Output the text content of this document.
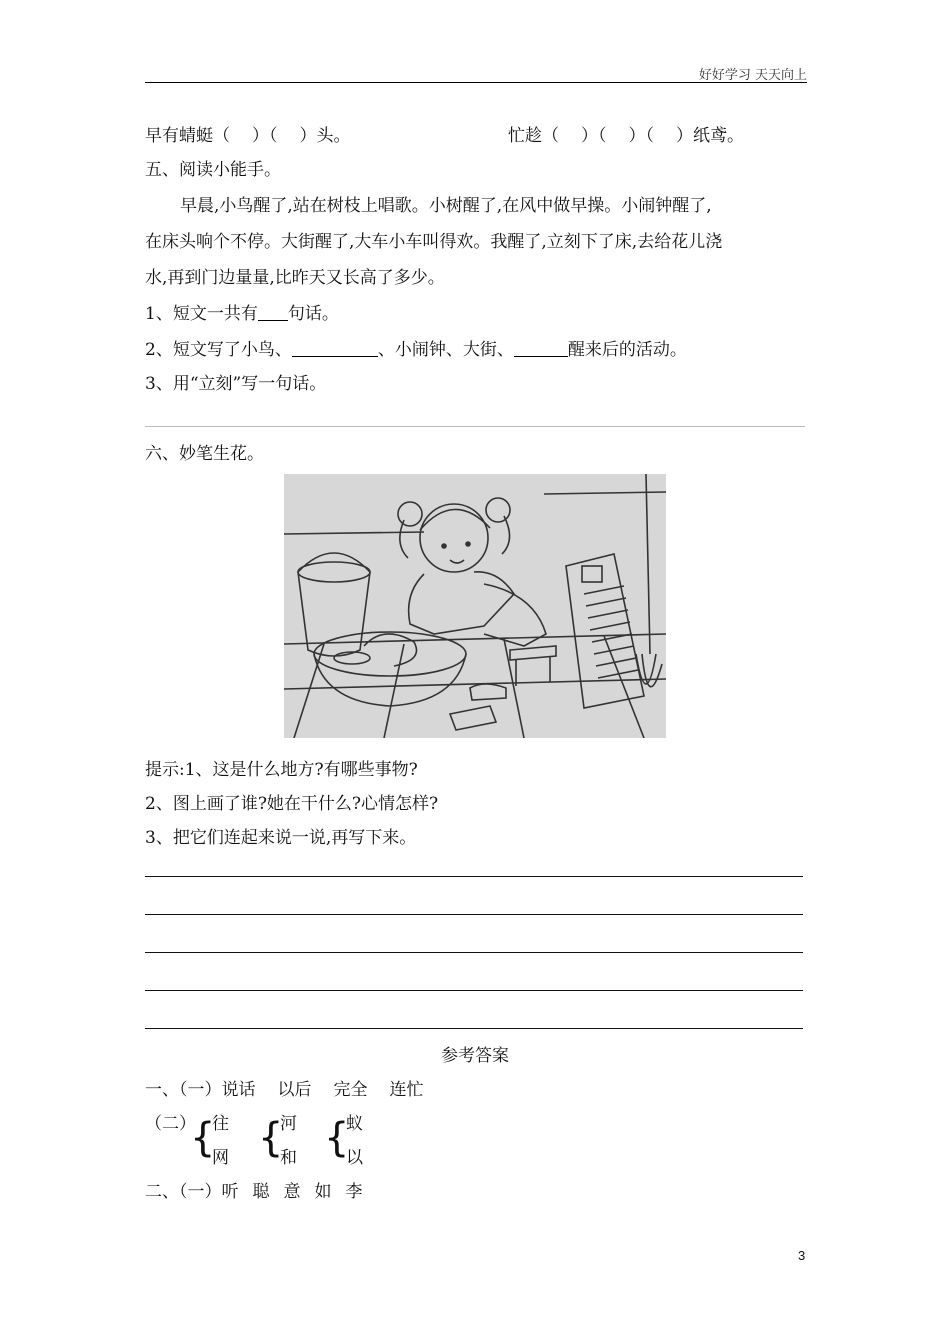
好好学习 天天向上
早有蜻蜓（ ）（ ）头。	忙趁（ ）（ ）（ ）纸鸢。
五、阅读小能手。
早晨,小鸟醒了,站在树枝上唱歌。小树醒了,在风中做早操。小闹钟醒了,
在床头响个不停。大街醒了,大车小车叫得欢。我醒了,立刻下了床,去给花儿浇
水,再到门边量量,比昨天又长高了多少。
1、短文一共有 句话。
2、短文写了小鸟、	、小闹钟、大街、	醒来后的活动。
3、用“立刻”写一句话。
六、妙笔生花。
提示:1、这是什么地方?有哪些事物?
2、图上画了谁?她在干什么?心情怎样?
3、把它们连起来说一说,再写下来。
参考答案
一、（一）说话 以后 完全 连忙
（二）
{
往
网 {
河
和 {
蚁
以
二、（一）听 聪 意 如 李
3
